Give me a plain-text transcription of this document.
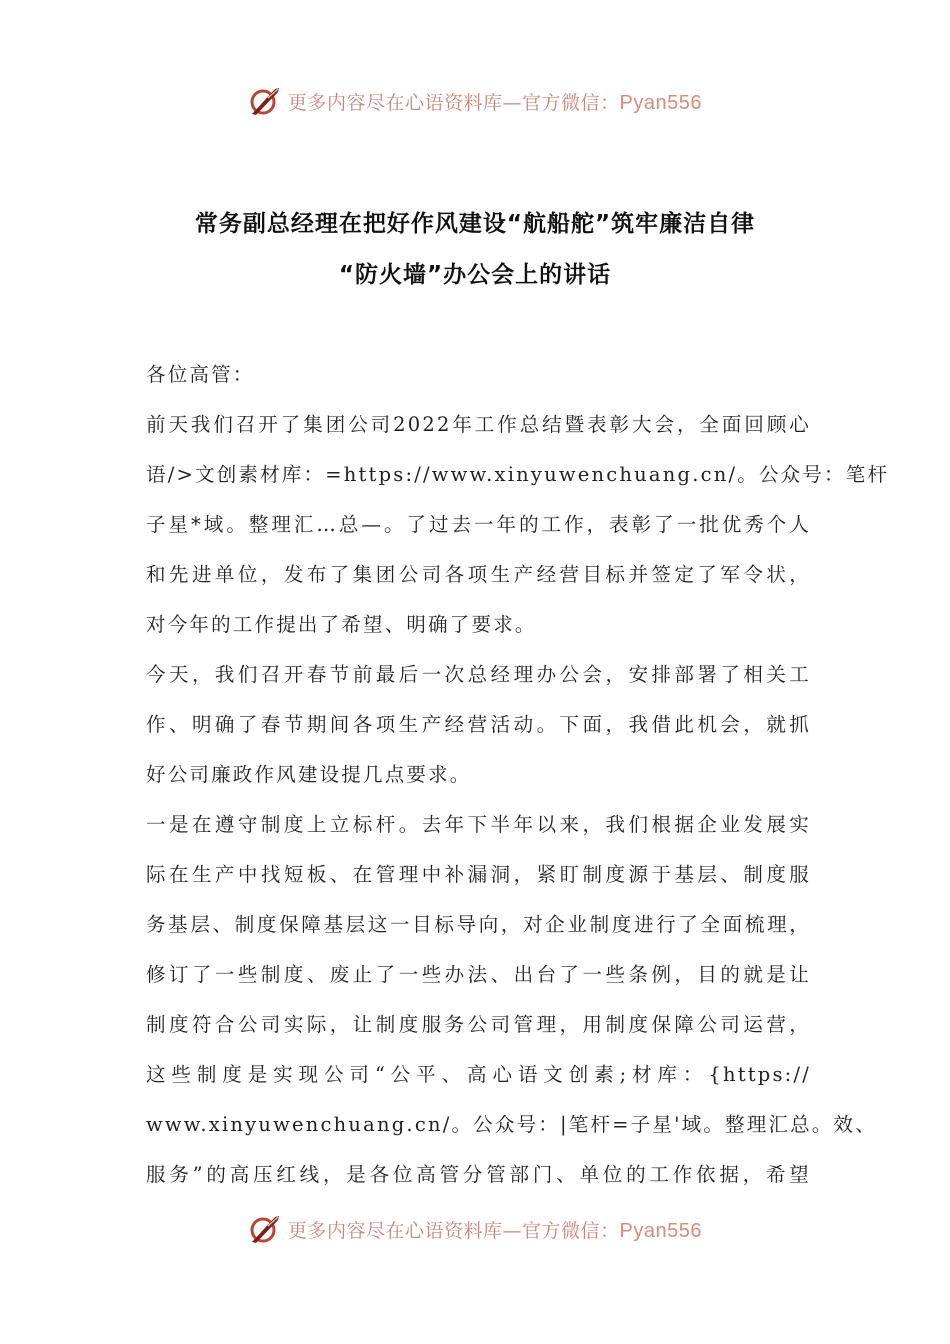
更多内容尽在心语资料库—官方微信：Pyan556
常务副总经理在把好作风建设“航船舵”筑牢廉洁自律
“防火墙”办公会上的讲话
各位高管：
前天我们召开了集团公司2022年工作总结暨表彰大会，全面回顾心
语/>文创素材库：=https://www.xinyuwenchuang.cn/。公众号：笔杆
子星*域。整理汇…总—。了过去一年的工作，表彰了一批优秀个人
和先进单位，发布了集团公司各项生产经营目标并签定了军令状，
对今年的工作提出了希望、明确了要求。
今天，我们召开春节前最后一次总经理办公会，安排部署了相关工
作、明确了春节期间各项生产经营活动。下面，我借此机会，就抓
好公司廉政作风建设提几点要求。
一是在遵守制度上立标杆。去年下半年以来，我们根据企业发展实
际在生产中找短板、在管理中补漏洞，紧盯制度源于基层、制度服
务基层、制度保障基层这一目标导向，对企业制度进行了全面梳理，
修订了一些制度、废止了一些办法、出台了一些条例，目的就是让
制度符合公司实际，让制度服务公司管理，用制度保障公司运营，
这些制度是实现公司“公平、高心语文创素;材库：{https://
www.xinyuwenchuang.cn/。公众号：|笔杆=子星'域。整理汇总。效、
服务”的高压红线，是各位高管分管部门、单位的工作依据，希望
更多内容尽在心语资料库—官方微信：Pyan556
